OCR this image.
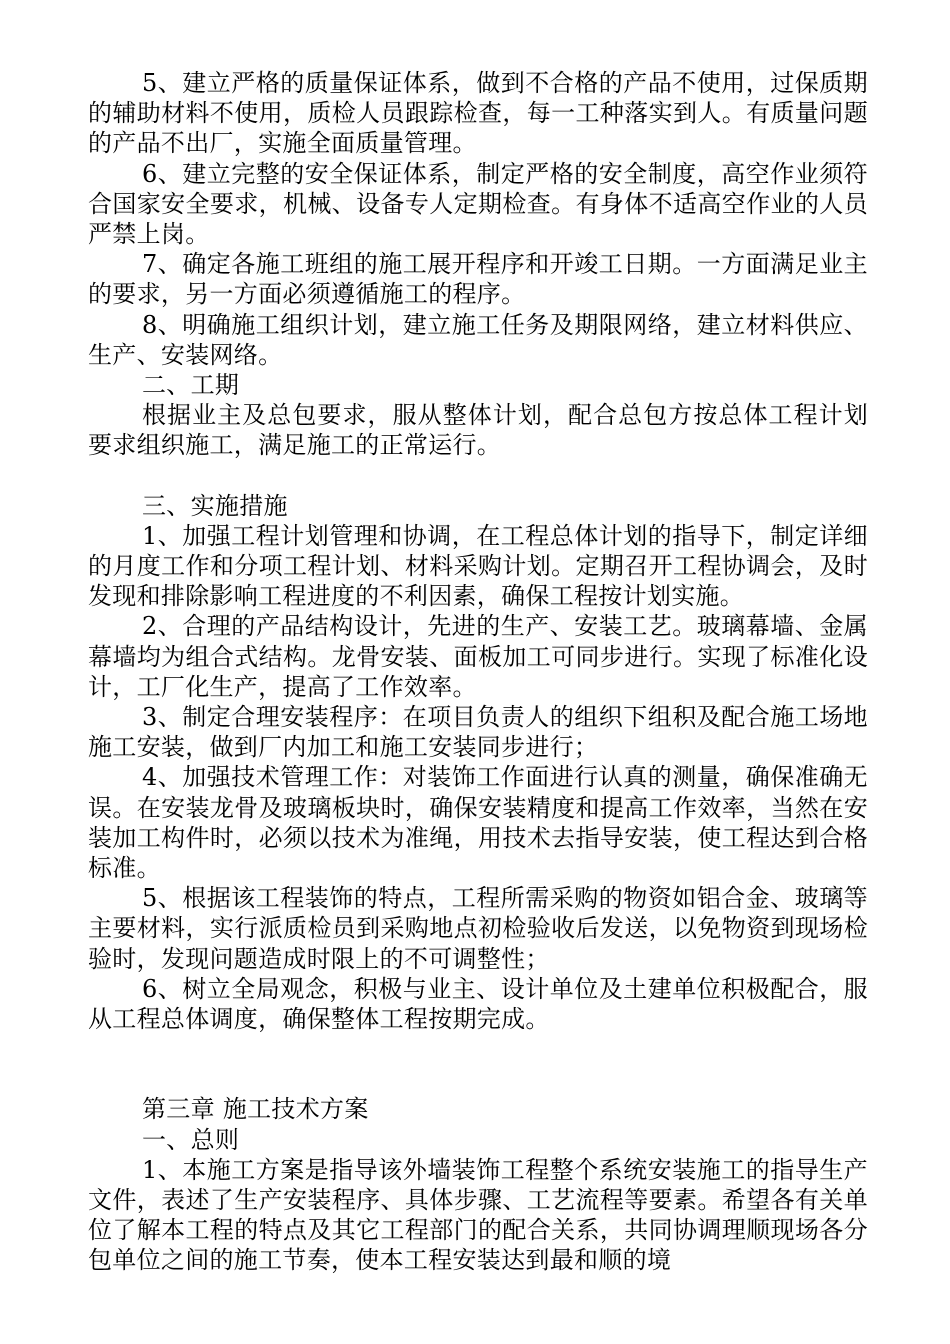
5、建立严格的质量保证体系，做到不合格的产品不使用，过保质期的辅助材料不使用，质检人员跟踪检查，每一工种落实到人。有质量问题的产品不出厂，实施全面质量管理。

6、建立完整的安全保证体系，制定严格的安全制度，高空作业须符合国家安全要求，机械、设备专人定期检查。有身体不适高空作业的人员严禁上岗。

7、确定各施工班组的施工展开程序和开竣工日期。一方面满足业主的要求，另一方面必须遵循施工的程序。

8、明确施工组织计划，建立施工任务及期限网络，建立材料供应、生产、安装网络。

二、工期

根据业主及总包要求，服从整体计划，配合总包方按总体工程计划要求组织施工，满足施工的正常运行。

三、实施措施

1、加强工程计划管理和协调，在工程总体计划的指导下，制定详细的月度工作和分项工程计划、材料采购计划。定期召开工程协调会，及时发现和排除影响工程进度的不利因素，确保工程按计划实施。

2、合理的产品结构设计，先进的生产、安装工艺。玻璃幕墙、金属幕墙均为组合式结构。龙骨安装、面板加工可同步进行。实现了标准化设计，工厂化生产，提高了工作效率。

3、制定合理安装程序：在项目负责人的组织下组积及配合施工场地施工安装，做到厂内加工和施工安装同步进行；

4、加强技术管理工作：对装饰工作面进行认真的测量，确保准确无误。在安装龙骨及玻璃板块时，确保安装精度和提高工作效率，当然在安装加工构件时，必须以技术为准绳，用技术去指导安装，使工程达到合格标准。

5、根据该工程装饰的特点，工程所需采购的物资如铝合金、玻璃等主要材料，实行派质检员到采购地点初检验收后发送，以免物资到现场检验时，发现问题造成时限上的不可调整性；

6、树立全局观念，积极与业主、设计单位及土建单位积极配合，服从工程总体调度，确保整体工程按期完成。

第三章 施工技术方案

一、总则

1、本施工方案是指导该外墙装饰工程整个系统安装施工的指导生产文件，表述了生产安装程序、具体步骤、工艺流程等要素。希望各有关单位了解本工程的特点及其它工程部门的配合关系，共同协调理顺现场各分包单位之间的施工节奏，使本工程安装达到最和顺的境
